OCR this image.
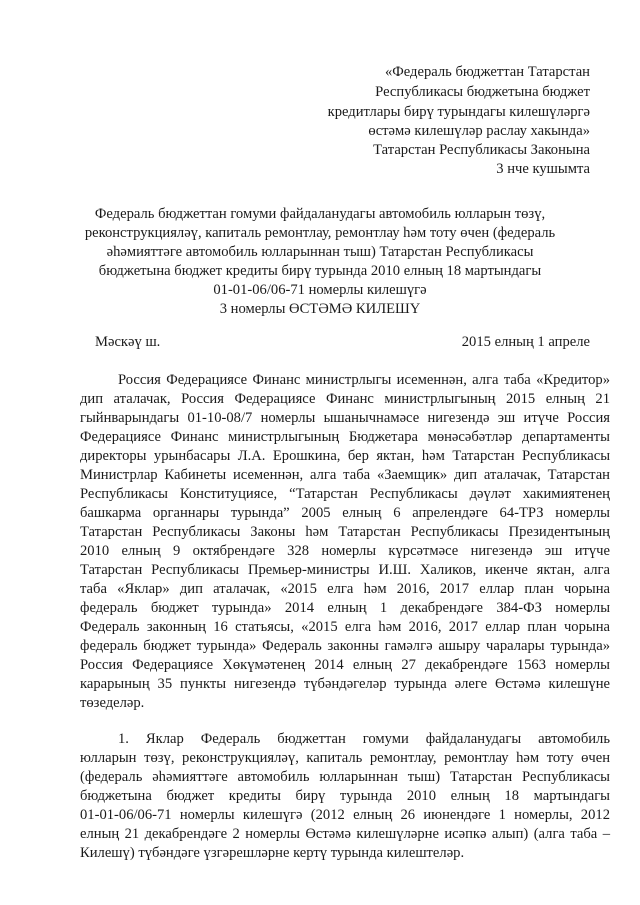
«Федераль бюджеттан Татарстан
Республикасы бюджетына бюджет
кредитлары бирү турындагы килешүләргә
өстәмә килешүләр раслау хакында»
Татарстан Республикасы Законына
3 нче кушымта
Федераль бюджеттан гомуми файдаланудагы автомобиль юлларын төзү,
реконструкцияләү, капиталь ремонтлау, ремонтлау һәм тоту өчен (федераль
әһәмияттәге автомобиль юлларыннан тыш) Татарстан Республикасы
бюджетына бюджет кредиты бирү турында 2010 елның 18 мартындагы
01-01-06/06-71 номерлы килешүгә
3 номерлы ӨСТӘМӘ КИЛЕШҮ
Мәскәү ш.	2015 елның 1 апреле
Россия Федерациясе Финанс министрлыгы исеменнән, алга таба «Кредитор»
дип аталачак, Россия Федерациясе Финанс министрлыгының 2015 елның 21
гыйнварындагы 01-10-08/7 номерлы ышанычнамәсе нигезендә эш итүче Россия
Федерациясе Финанс министрлыгының Бюджетара мөнәсәбәтләр департаменты
директоры урынбасары Л.А. Ерошкина, бер яктан, һәм Татарстан Республикасы
Министрлар Кабинеты исеменнән, алга таба «Заемщик» дип аталачак, Татарстан
Республикасы Конституциясе, “Татарстан Республикасы дәүләт хакимиятенең
башкарма органнары турында” 2005 елның 6 апрелендәге 64-ТРЗ номерлы
Татарстан Республикасы Законы һәм Татарстан Республикасы Президентының
2010 елның 9 октябрендәге 328 номерлы күрсәтмәсе нигезендә эш итүче
Татарстан Республикасы Премьер-министры И.Ш. Халиков, икенче яктан, алга
таба «Яклар» дип аталачак, «2015 елга һәм 2016, 2017 еллар план чорына
федераль бюджет турында» 2014 елның 1 декабрендәге 384-ФЗ номерлы
Федераль законның 16 статьясы, «2015 елга һәм 2016, 2017 еллар план чорына
федераль бюджет турында» Федераль законны гамәлгә ашыру чаралары турында»
Россия Федерациясе Хөкүмәтенең 2014 елның 27 декабрендәге 1563 номерлы
карарының 35 пункты нигезендә түбәндәгеләр турында әлеге Өстәмә килешүне
төзеделәр.
1. Яклар Федераль бюджеттан гомуми файдаланудагы автомобиль
юлларын төзү, реконструкцияләү, капиталь ремонтлау, ремонтлау һәм тоту өчен
(федераль әһәмияттәге автомобиль юлларыннан тыш) Татарстан Республикасы
бюджетына бюджет кредиты бирү турында 2010 елның 18 мартындагы
01-01-06/06-71 номерлы килешүгә (2012 елның 26 июнендәге 1 номерлы, 2012
елның 21 декабрендәге 2 номерлы Өстәмә килешүләрне исәпкә алып) (алга таба –
Килешү) түбәндәге үзгәрешләрне кертү турында килештеләр.
